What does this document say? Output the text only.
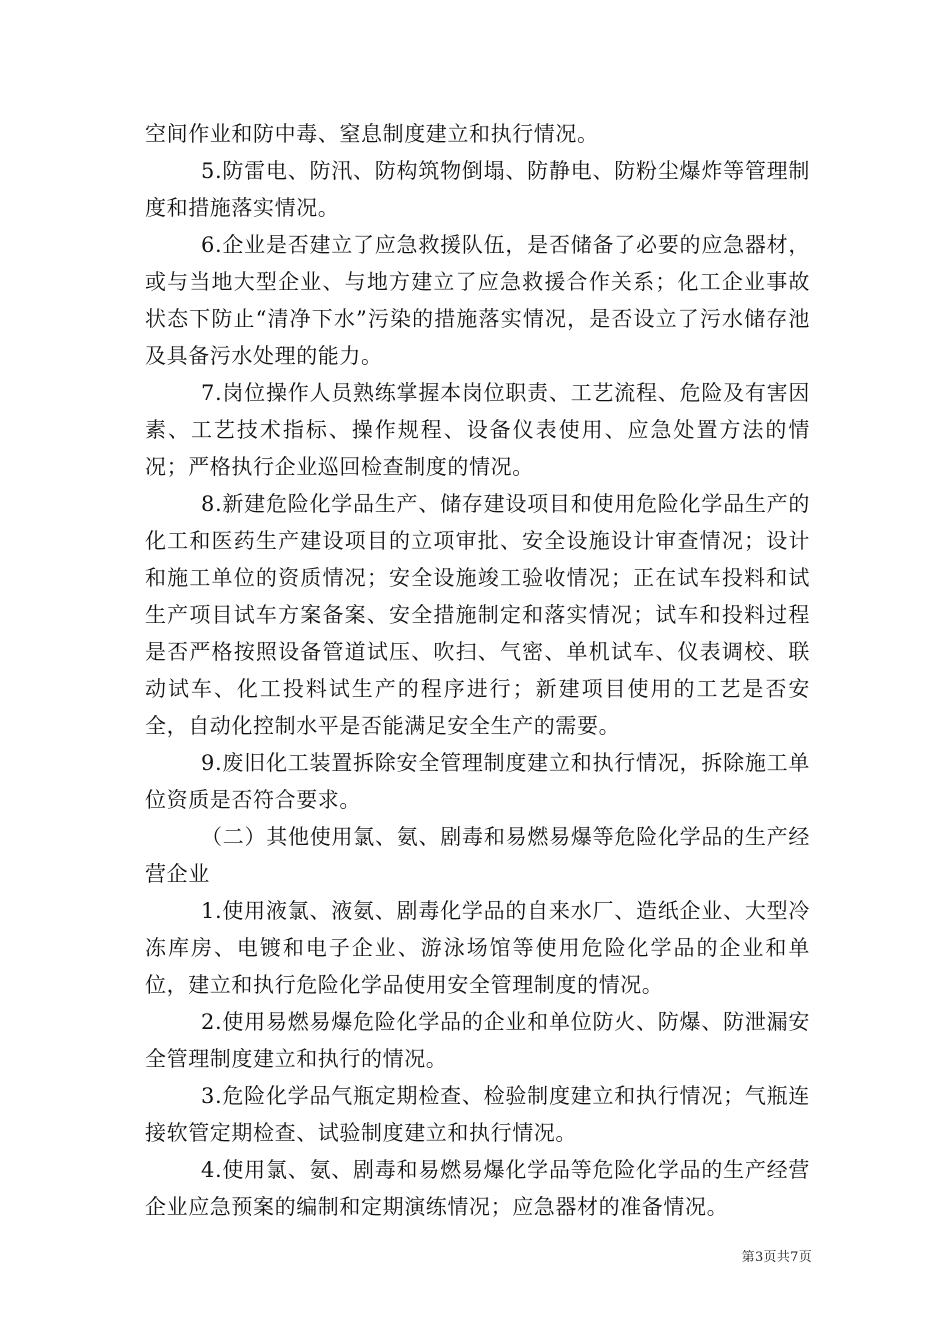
空间作业和防中毒、窒息制度建立和执行情况。

5.防雷电、防汛、防构筑物倒塌、防静电、防粉尘爆炸等管理制度和措施落实情况。

6.企业是否建立了应急救援队伍，是否储备了必要的应急器材，或与当地大型企业、与地方建立了应急救援合作关系；化工企业事故状态下防止“清净下水”污染的措施落实情况，是否设立了污水储存池及具备污水处理的能力。

7.岗位操作人员熟练掌握本岗位职责、工艺流程、危险及有害因素、工艺技术指标、操作规程、设备仪表使用、应急处置方法的情况；严格执行企业巡回检查制度的情况。

8.新建危险化学品生产、储存建设项目和使用危险化学品生产的化工和医药生产建设项目的立项审批、安全设施设计审查情况；设计和施工单位的资质情况；安全设施竣工验收情况；正在试车投料和试生产项目试车方案备案、安全措施制定和落实情况；试车和投料过程是否严格按照设备管道试压、吹扫、气密、单机试车、仪表调校、联动试车、化工投料试生产的程序进行；新建项目使用的工艺是否安全，自动化控制水平是否能满足安全生产的需要。

9.废旧化工装置拆除安全管理制度建立和执行情况，拆除施工单位资质是否符合要求。

（二）其他使用氯、氨、剧毒和易燃易爆等危险化学品的生产经营企业

1.使用液氯、液氨、剧毒化学品的自来水厂、造纸企业、大型冷冻库房、电镀和电子企业、游泳场馆等使用危险化学品的企业和单位，建立和执行危险化学品使用安全管理制度的情况。

2.使用易燃易爆危险化学品的企业和单位防火、防爆、防泄漏安全管理制度建立和执行的情况。

3.危险化学品气瓶定期检查、检验制度建立和执行情况；气瓶连接软管定期检查、试验制度建立和执行情况。

4.使用氯、氨、剧毒和易燃易爆化学品等危险化学品的生产经营企业应急预案的编制和定期演练情况；应急器材的准备情况。

第3页共7页
